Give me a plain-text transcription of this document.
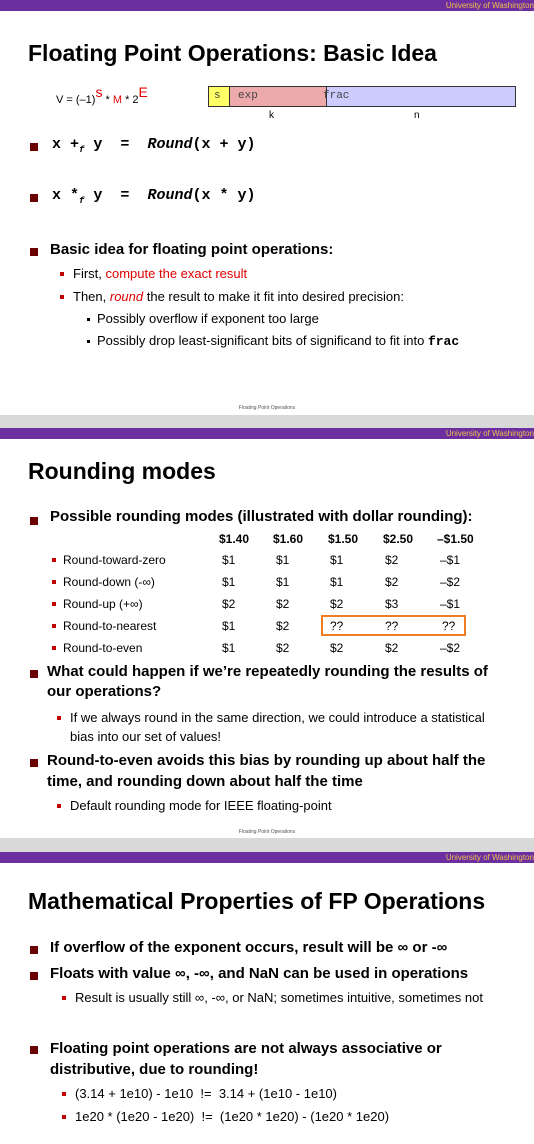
University of Washington
Floating Point Operations: Basic Idea
V = (–1)s * M * 2E	s exp	frac
k	n
$x +_f$ y  =  Round(x + y)
x $*_f$ y  =  Round(x * y)
Basic idea for floating point operations:
First, compute the exact result
Then, round the result to make it fit into desired precision:
Possibly overflow if exponent too large
Possibly drop least-significant bits of significand to fit into frac
Floating Point Operations
University of Washington
Rounding modes
Possible rounding modes (illustrated with dollar rounding):
$1.40 $1.60 $1.50 $2.50 –$1.50
Round-toward-zero	$1	$1	$1	$2	–$1
Round-down (-∞)	$1	$1	$1	$2	–$2
Round-up (+∞)	$2	$2	$2	$3	–$1
Round-to-nearest	$1	$2	??	??	??
Round-to-even	$1	$2	$2	$2	–$2
What could happen if we’re repeatedly rounding the results of
our operations?
If we always round in the same direction, we could introduce a statistical
bias into our set of values!
Round-to-even avoids this bias by rounding up about half the
time, and rounding down about half the time
Default rounding mode for IEEE floating-point
Floating Point Operations
University of Washington
Mathematical Properties of FP Operations
If overflow of the exponent occurs, result will be ∞ or -∞
Floats with value ∞, -∞, and NaN can be used in operations
Result is usually still ∞, -∞, or NaN; sometimes intuitive, sometimes not
Floating point operations are not always associative or
distributive, due to rounding!
(3.14 + 1e10) - 1e10  !=  3.14 + (1e10 - 1e10)
1e20 * (1e20 - 1e20)  !=  (1e20 * 1e20) - (1e20 * 1e20)
